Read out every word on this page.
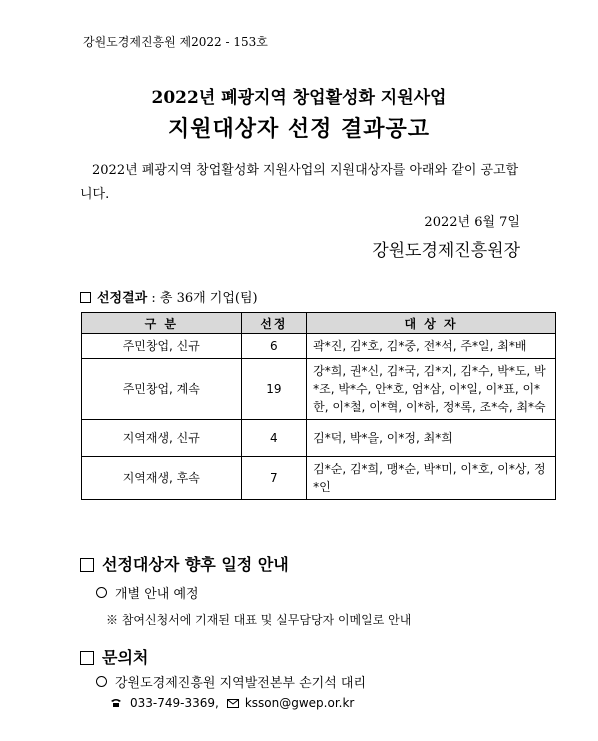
강원도경제진흥원 제2022 - 153호
2022년 폐광지역 창업활성화 지원사업
지원대상자 선정 결과공고
2022년 폐광지역 창업활성화 지원사업의 지원대상자를 아래와 같이 공고합니다.
2022년 6월 7일
강원도경제진흥원장
선정결과 : 총 36개 기업(팀)
구 분	선정	대 상 자
주민창업, 신규	6	곽*진, 김*호, 김*중, 전*석, 주*일, 최*배
주민창업, 계속	19	강*희, 권*신, 김*국, 김*지, 김*수, 박*도, 박*조, 박*수, 안*호, 엄*삼, 이*일, 이*표, 이*한, 이*철, 이*혁, 이*하, 정*록, 조*숙, 최*숙
지역재생, 신규	4	김*덕, 박*을, 이*정, 최*희
지역재생, 후속	7	김*순, 김*희, 맹*순, 박*미, 이*호, 이*상, 정*인
선정대상자 향후 일정 안내
개별 안내 예정
※ 참여신청서에 기재된 대표 및 실무담당자 이메일로 안내
문의처
강원도경제진흥원 지역발전본부 손기석 대리
033-749-3369, ksson@gwep.or.kr
